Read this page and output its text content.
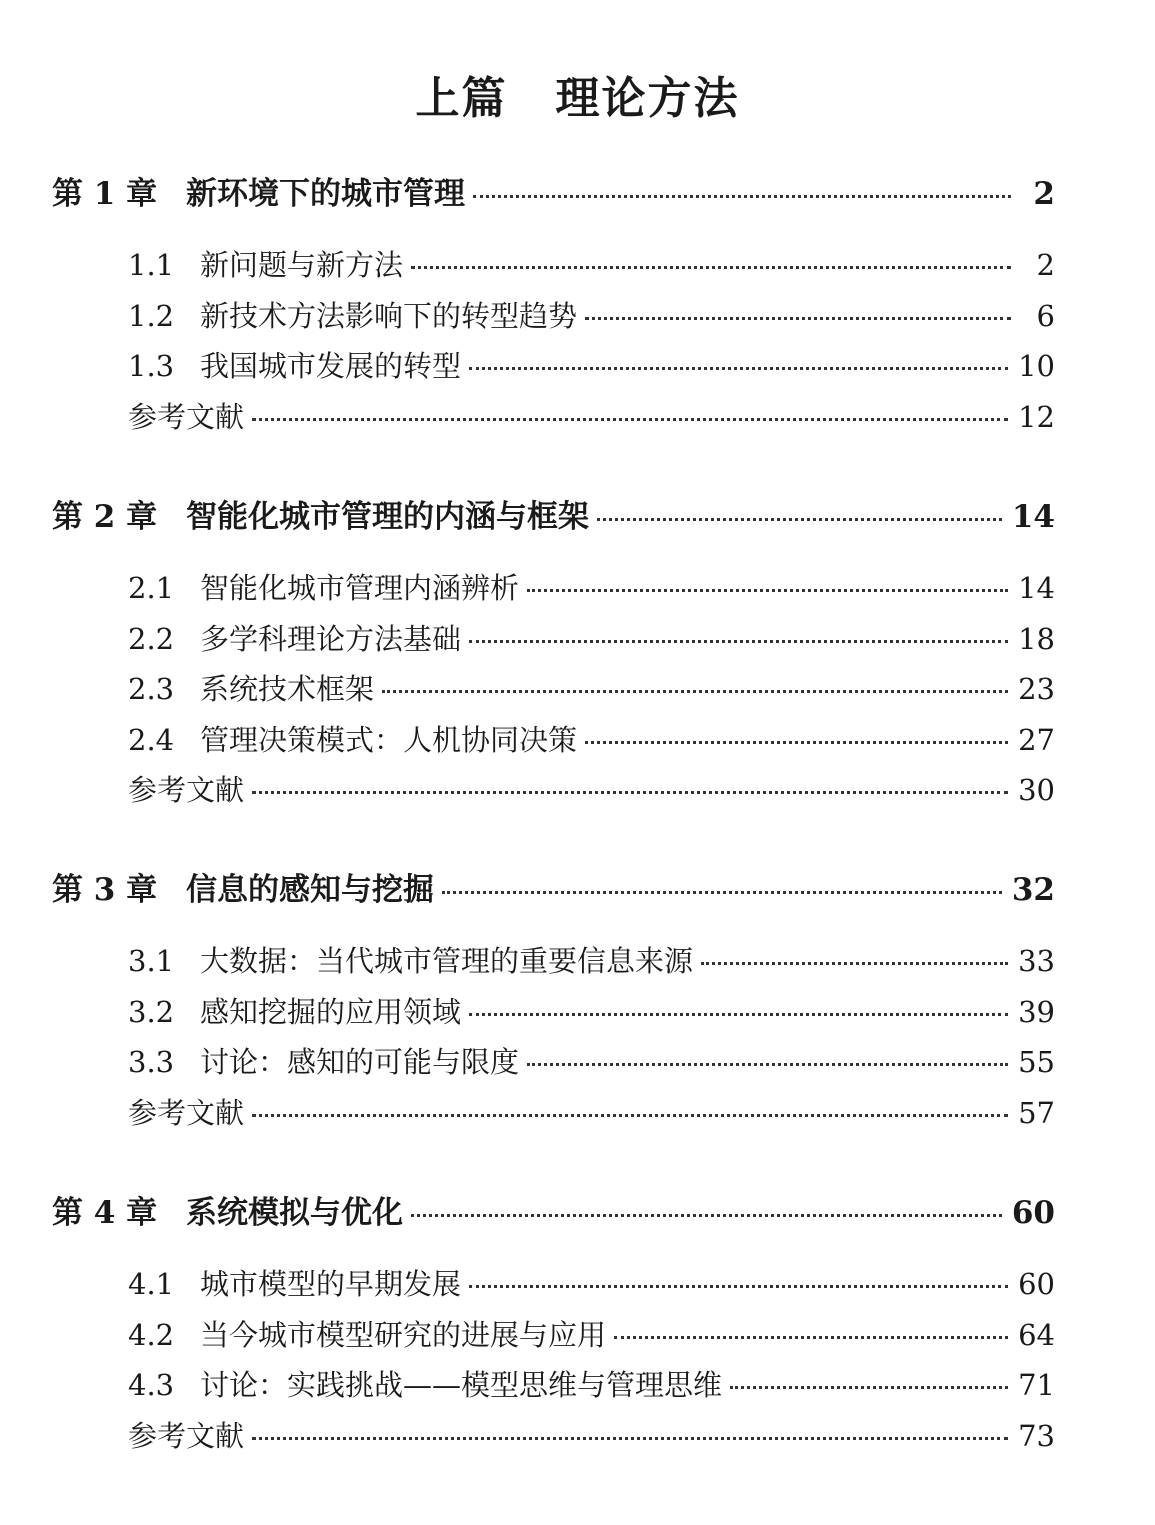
上篇 理论方法
第 1 章 新环境下的城市管理	2
1.1 新问题与新方法	2
1.2 新技术方法影响下的转型趋势	6
1.3 我国城市发展的转型	10
参考文献	12
第 2 章 智能化城市管理的内涵与框架	14
2.1 智能化城市管理内涵辨析	14
2.2 多学科理论方法基础	18
2.3 系统技术框架	23
2.4 管理决策模式：人机协同决策	27
参考文献	30
第 3 章 信息的感知与挖掘	32
3.1 大数据：当代城市管理的重要信息来源	33
3.2 感知挖掘的应用领域	39
3.3 讨论：感知的可能与限度	55
参考文献	57
第 4 章 系统模拟与优化	60
4.1 城市模型的早期发展	60
4.2 当今城市模型研究的进展与应用	64
4.3 讨论：实践挑战——模型思维与管理思维	71
参考文献	73
